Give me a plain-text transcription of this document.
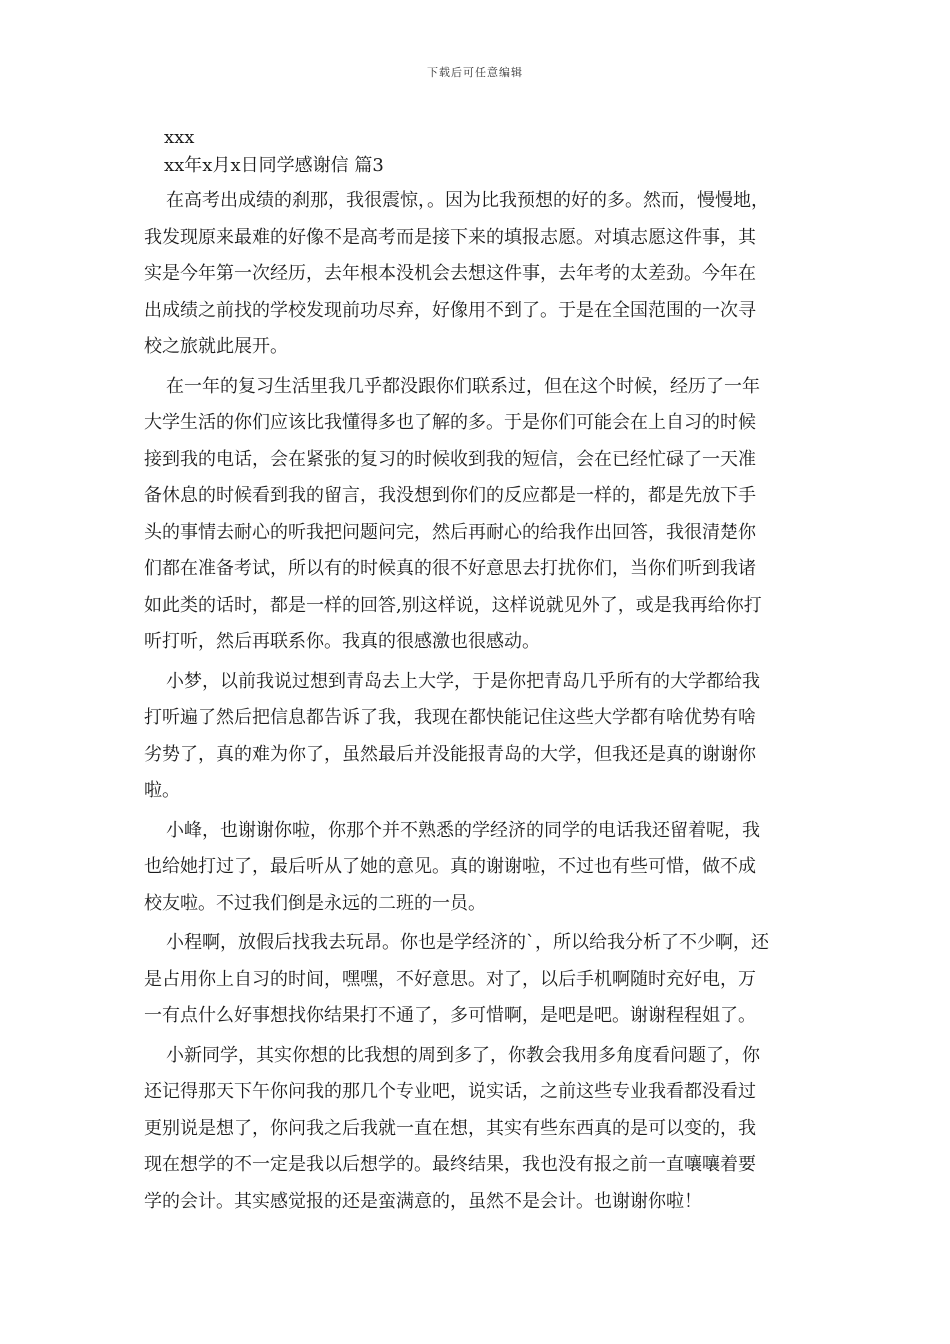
下载后可任意编辑

xxx

xx年x月x日同学感谢信 篇3

在高考出成绩的刹那，我很震惊，。因为比我预想的好的多。然而，慢慢地，
我发现原来最难的好像不是高考而是接下来的填报志愿。对填志愿这件事，其
实是今年第一次经历，去年根本没机会去想这件事，去年考的太差劲。今年在
出成绩之前找的学校发现前功尽弃，好像用不到了。于是在全国范围的一次寻
校之旅就此展开。

在一年的复习生活里我几乎都没跟你们联系过，但在这个时候，经历了一年
大学生活的你们应该比我懂得多也了解的多。于是你们可能会在上自习的时候
接到我的电话，会在紧张的复习的时候收到我的短信，会在已经忙碌了一天准
备休息的时候看到我的留言，我没想到你们的反应都是一样的，都是先放下手
头的事情去耐心的听我把问题问完，然后再耐心的给我作出回答，我很清楚你
们都在准备考试，所以有的时候真的很不好意思去打扰你们，当你们听到我诸
如此类的话时，都是一样的回答,别这样说，这样说就见外了，或是我再给你打
听打听，然后再联系你。我真的很感激也很感动。

小梦，以前我说过想到青岛去上大学，于是你把青岛几乎所有的大学都给我
打听遍了然后把信息都告诉了我，我现在都快能记住这些大学都有啥优势有啥
劣势了，真的难为你了，虽然最后并没能报青岛的大学，但我还是真的谢谢你
啦。

小峰，也谢谢你啦，你那个并不熟悉的学经济的同学的电话我还留着呢，我
也给她打过了，最后听从了她的意见。真的谢谢啦，不过也有些可惜，做不成
校友啦。不过我们倒是永远的二班的一员。

小程啊，放假后找我去玩昂。你也是学经济的`，所以给我分析了不少啊，还
是占用你上自习的时间，嘿嘿，不好意思。对了，以后手机啊随时充好电，万
一有点什么好事想找你结果打不通了，多可惜啊，是吧是吧。谢谢程程姐了。

小新同学，其实你想的比我想的周到多了，你教会我用多角度看问题了，你
还记得那天下午你问我的那几个专业吧，说实话，之前这些专业我看都没看过
更别说是想了，你问我之后我就一直在想，其实有些东西真的是可以变的，我
现在想学的不一定是我以后想学的。最终结果，我也没有报之前一直嚷嚷着要
学的会计。其实感觉报的还是蛮满意的，虽然不是会计。也谢谢你啦！
